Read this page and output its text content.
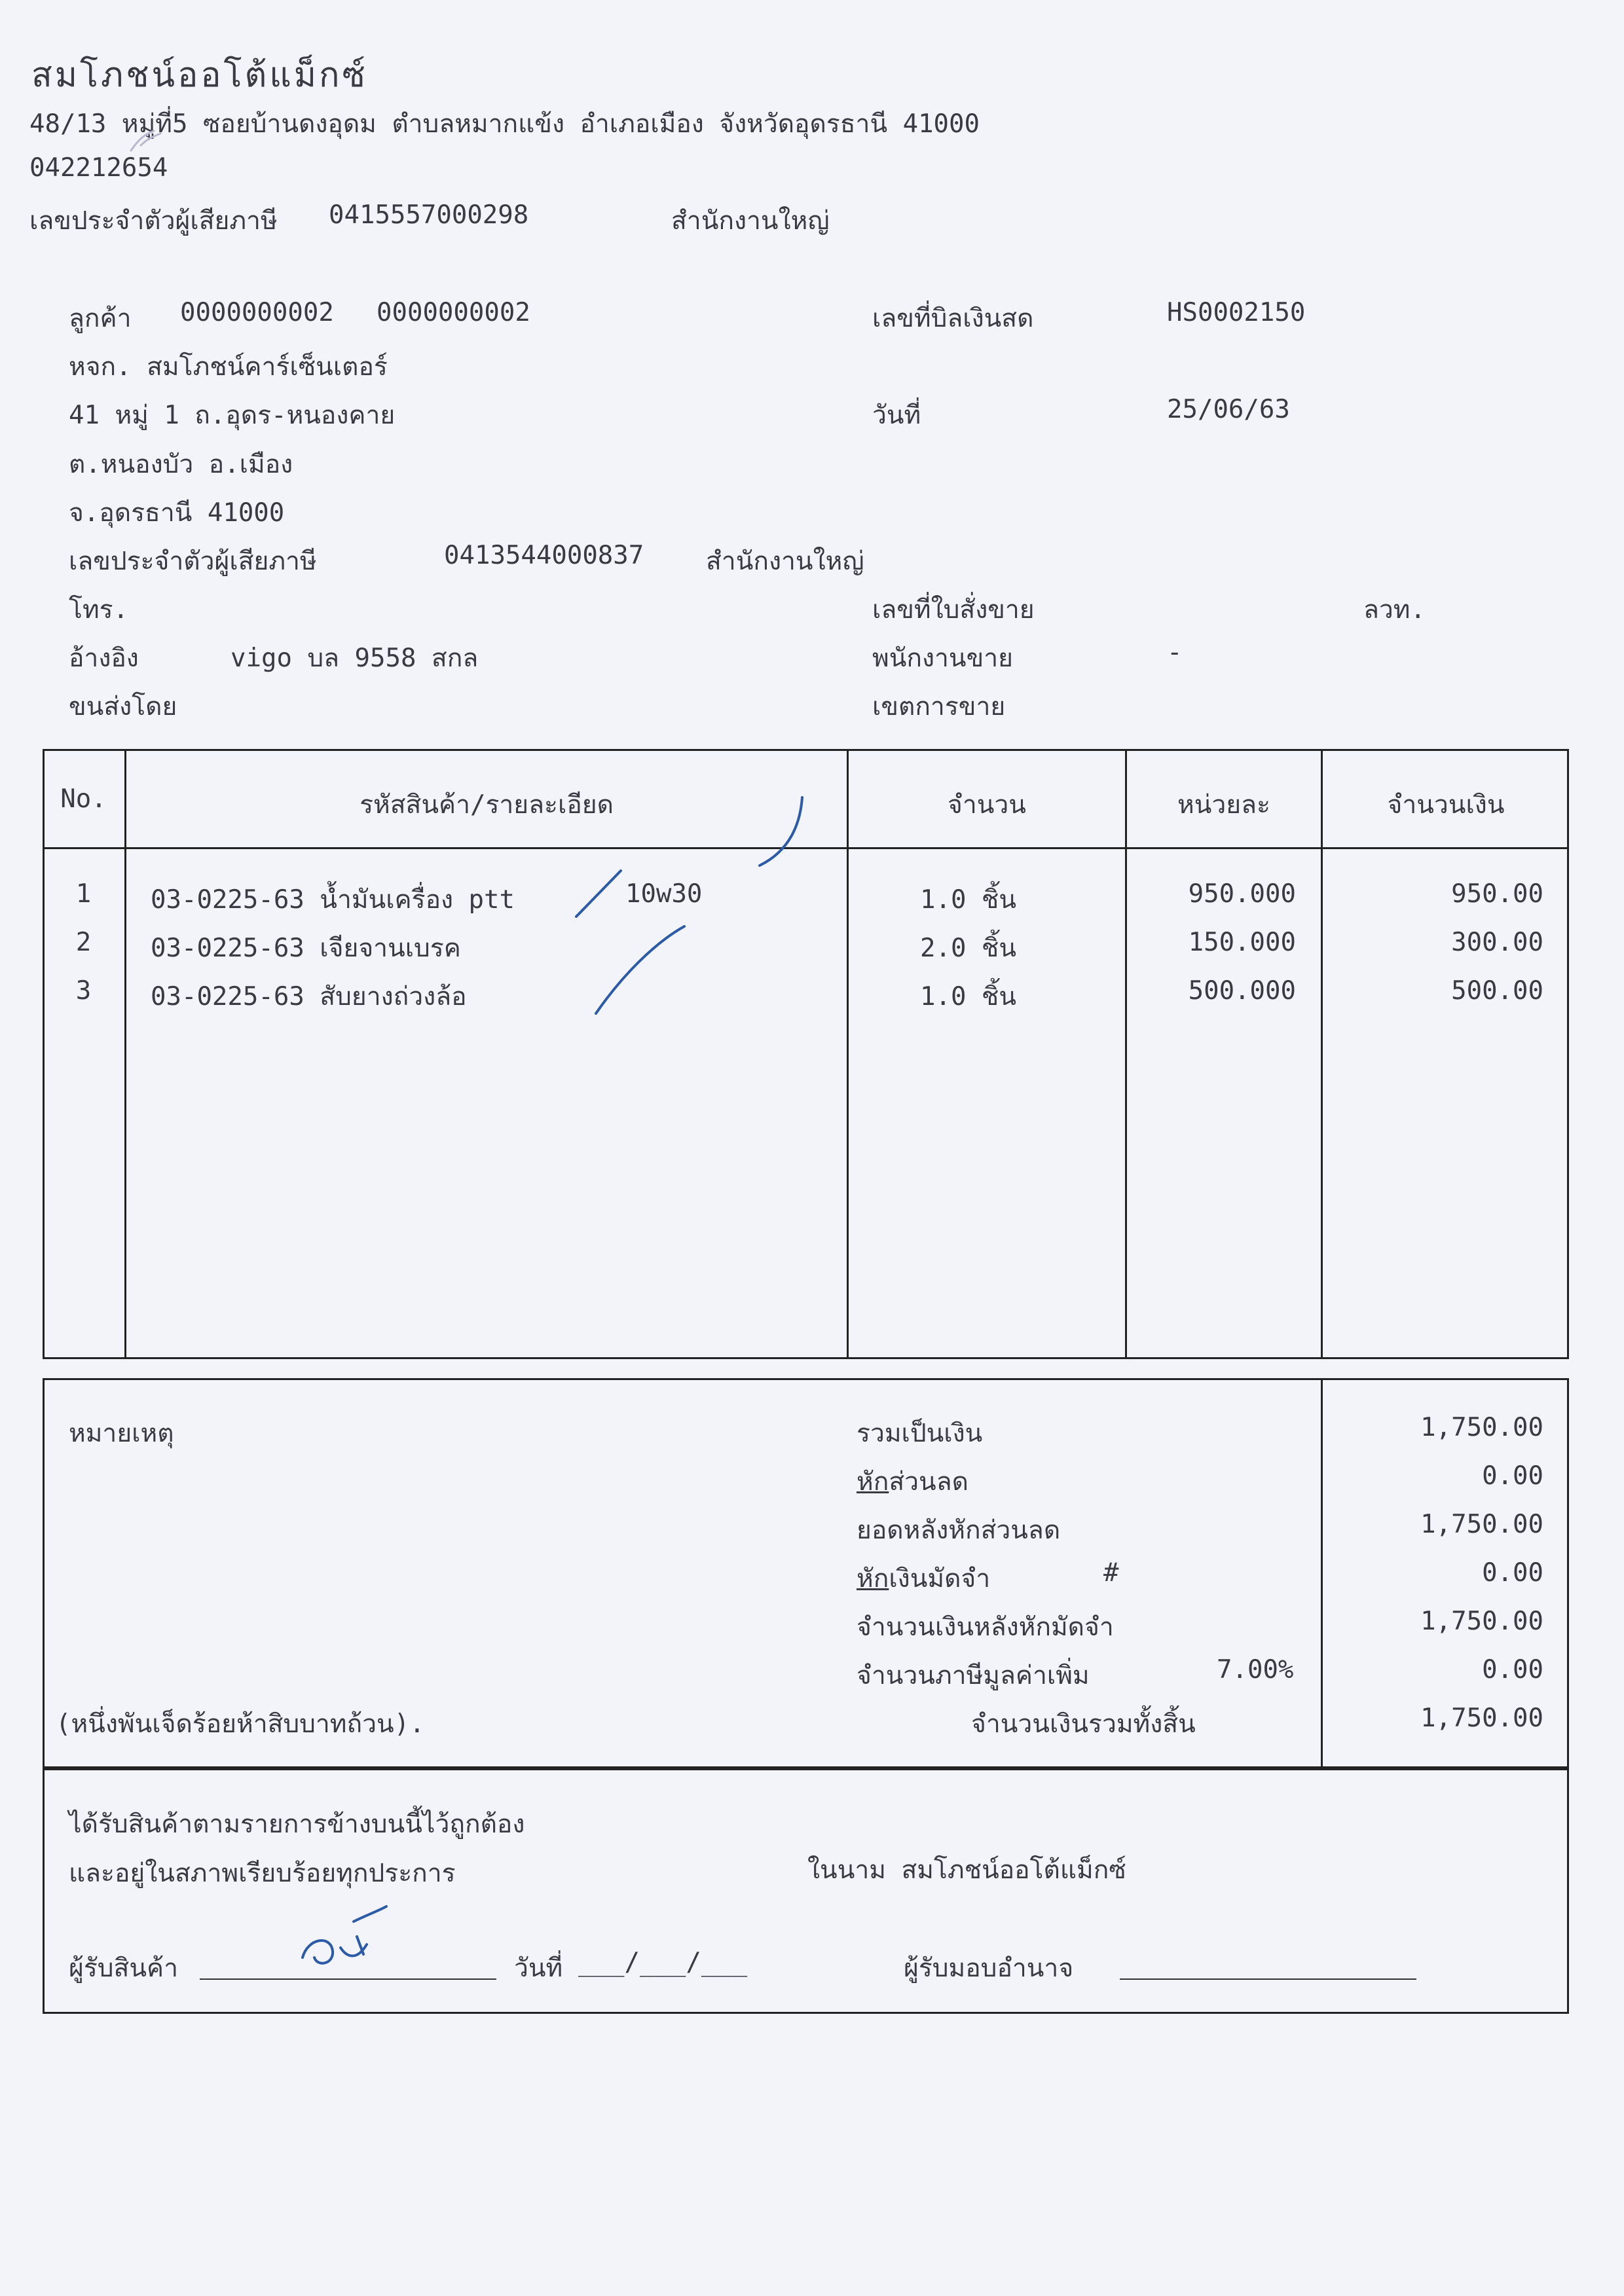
สมโภชน์ออโต้แม็กซ์
48/13 หมู่ที่5 ซอยบ้านดงอุดม ตำบลหมากแข้ง อำเภอเมือง จังหวัดอุดรธานี 41000
042212654
เลขประจำตัวผู้เสียภาษี 0415557000298	สำนักงานใหญ่
ลูกค้า 0000000002 0000000002
หจก. สมโภชน์คาร์เซ็นเตอร์
41 หมู่ 1 ถ.อุดร-หนองคาย
ต.หนองบัว อ.เมือง
จ.อุดรธานี 41000
เลขประจำตัวผู้เสียภาษี	0413544000837 สำนักงานใหญ่
โทร.
อ้างอิง	vigo บล 9558 สกล
ขนส่งโดย
เลขที่บิลเงินสด	HS0002150
วันที่	25/06/63
เลขที่ใบสั่งขาย	ลวท.
พนักงานขาย	-
เขตการขาย
No.	รหัสสินค้า/รายละเอียด	จำนวน	หน่วยละ	จำนวนเงิน
1	03-0225-63 น้ำมันเครื่อง ptt	10w30	1.0 ชิ้น	950.000	950.00
2	03-0225-63 เจียจานเบรค	2.0 ชิ้น	150.000	300.00
3	03-0225-63 สับยางถ่วงล้อ	1.0 ชิ้น	500.000	500.00
หมายเหตุ	รวมเป็นเงิน	1,750.00
หักส่วนลด	0.00
ยอดหลังหักส่วนลด	1,750.00
หักเงินมัดจำ	#	0.00
จำนวนเงินหลังหักมัดจำ	1,750.00
จำนวนภาษีมูลค่าเพิ่ม	7.00%	0.00
(หนึ่งพันเจ็ดร้อยห้าสิบบาทถ้วน).	จำนวนเงินรวมทั้งสิ้น	1,750.00
ได้รับสินค้าตามรายการข้างบนนี้ไว้ถูกต้อง
และอยู่ในสภาพเรียบร้อยทุกประการ	ในนาม สมโภชน์ออโต้แม็กซ์
ผู้รับสินค้า	วันที่ ___/___/___	ผู้รับมอบอำนาจ
